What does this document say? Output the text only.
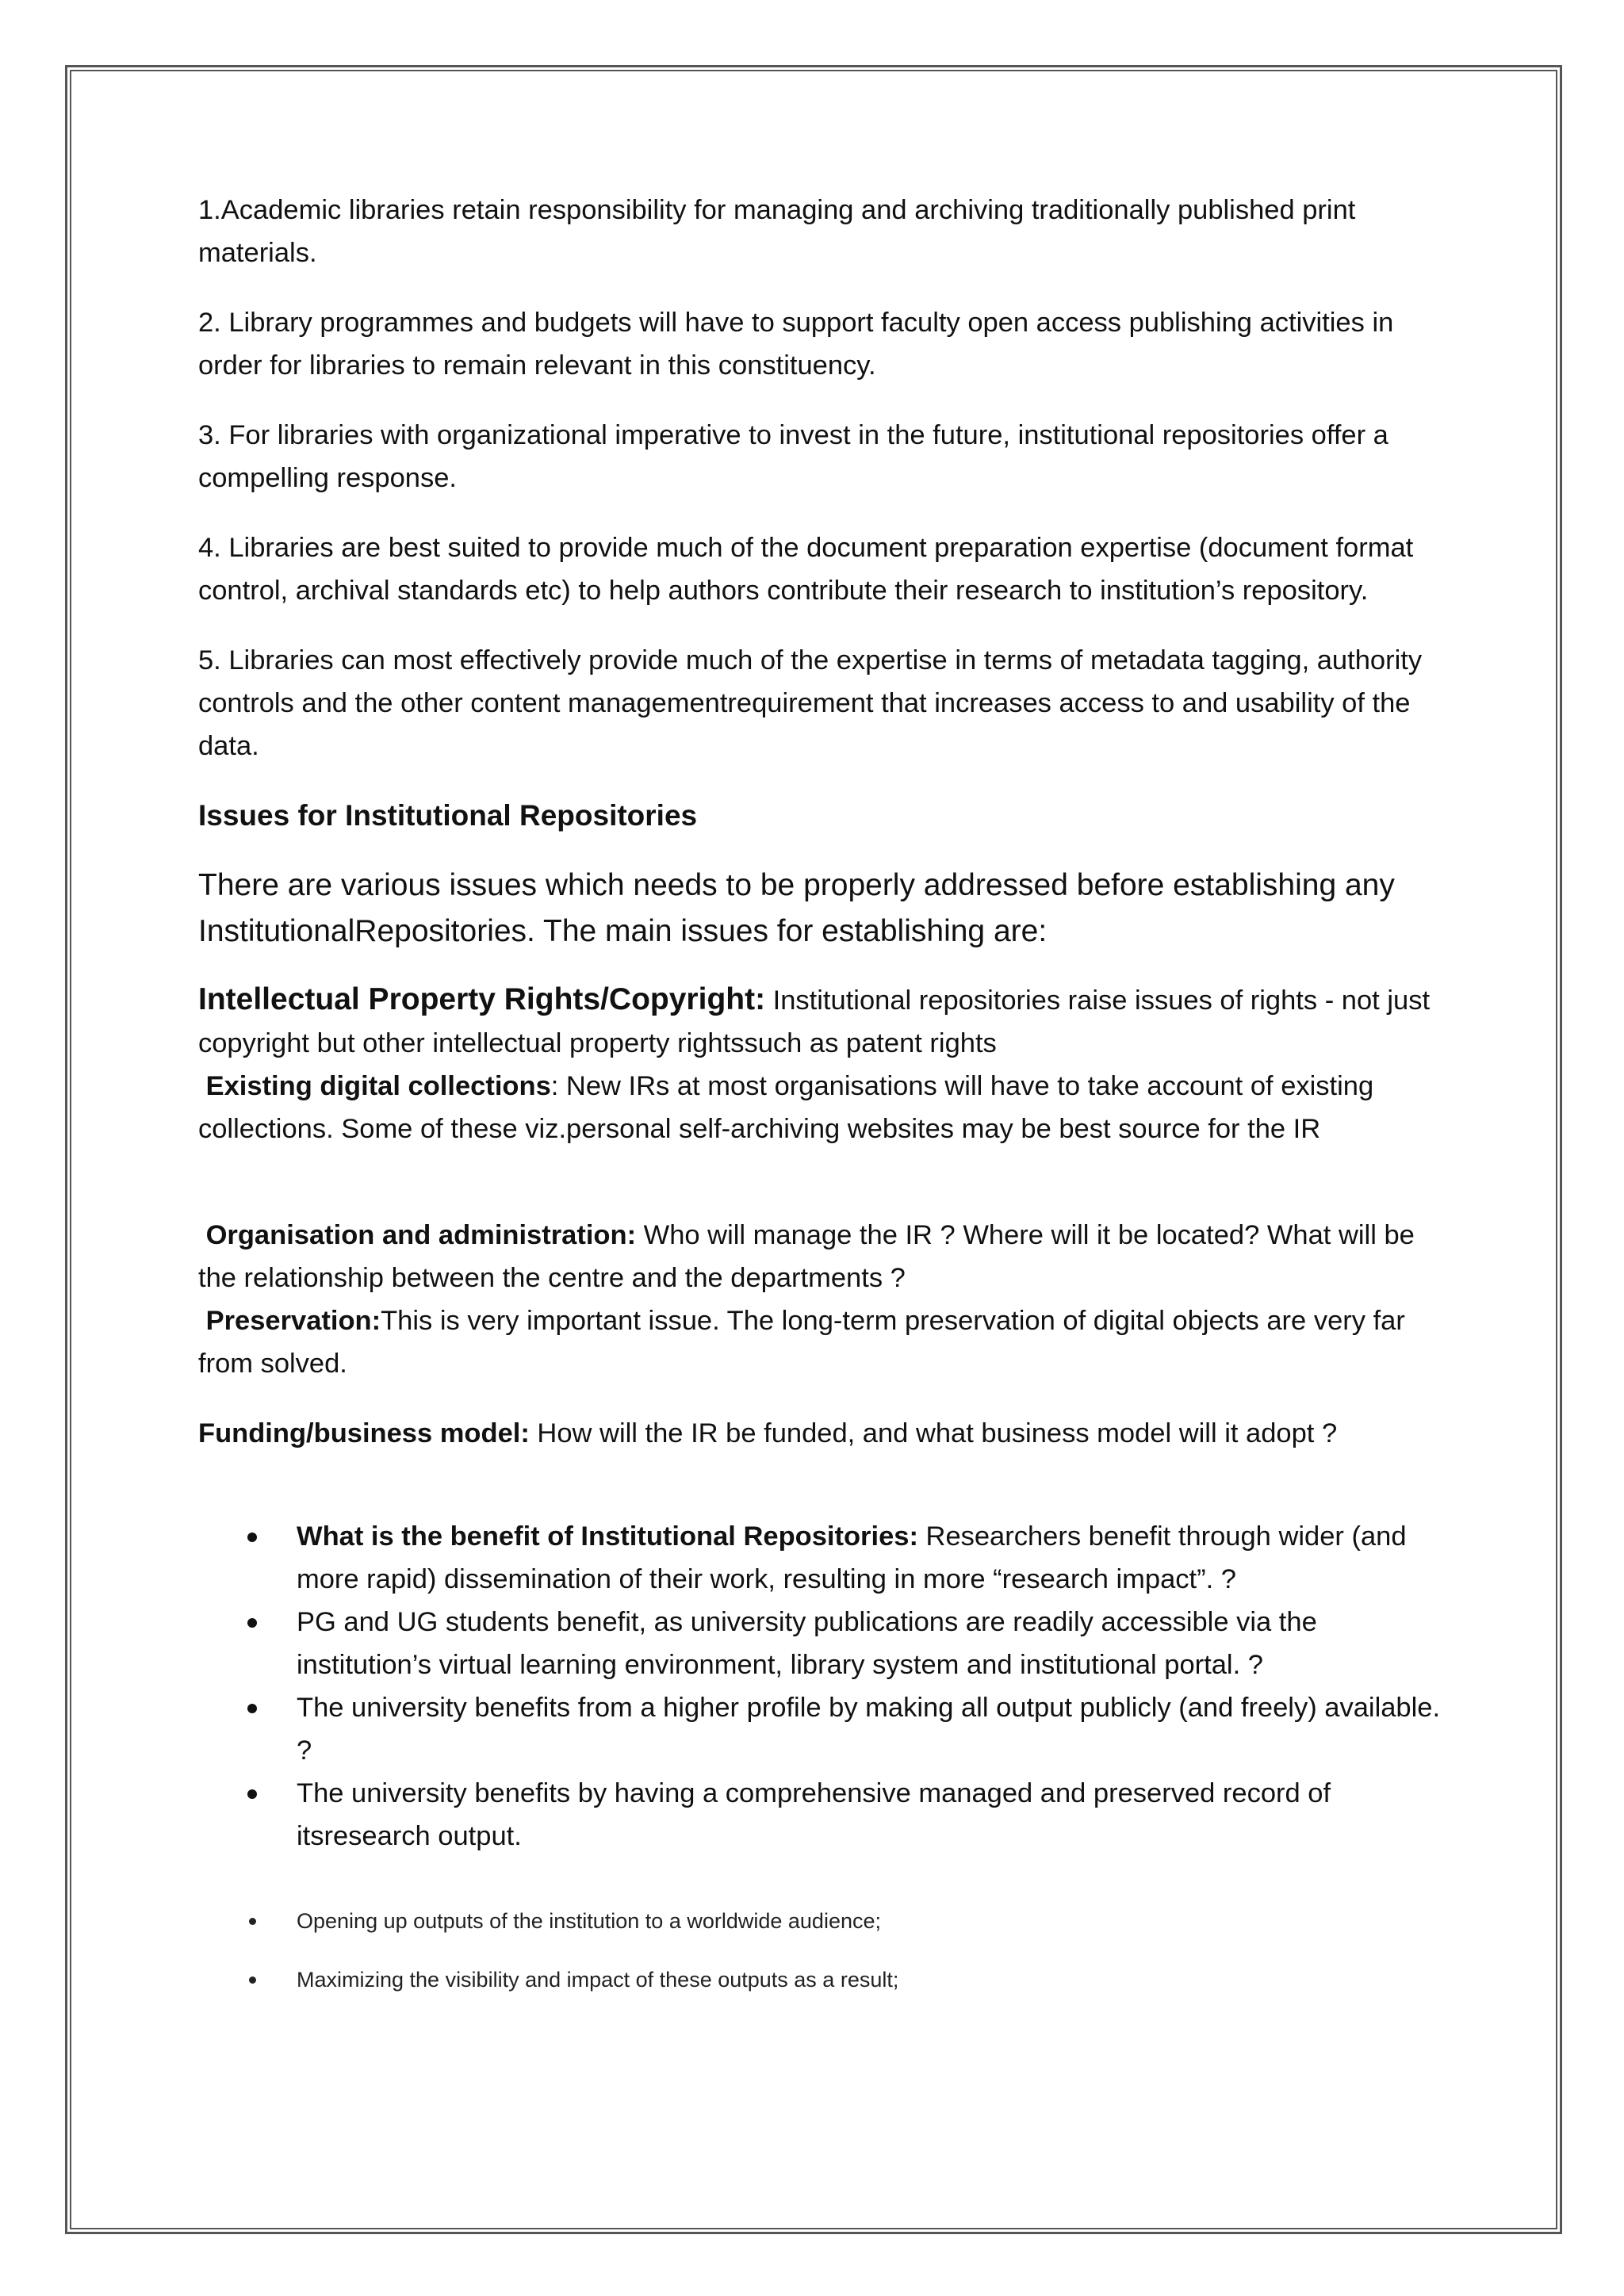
1.Academic libraries retain responsibility for managing and archiving traditionally published print materials.

2. Library programmes and budgets will have to support faculty open access publishing activities in order for libraries to remain relevant in this constituency.

3. For libraries with organizational imperative to invest in the future, institutional repositories offer a compelling response.

4. Libraries are best suited to provide much of the document preparation expertise (document format control, archival standards etc) to help authors contribute their research to institution’s repository.

5. Libraries can most effectively provide much of the expertise in terms of metadata tagging, authority controls and the other content managementrequirement that increases access to and usability of the data.

Issues for Institutional Repositories

There are various issues which needs to be properly addressed before establishing any InstitutionalRepositories. The main issues for establishing are:

Intellectual Property Rights/Copyright: Institutional repositories raise issues of rights - not just copyright but other intellectual property rightssuch as patent rights

Existing digital collections: New IRs at most organisations will have to take account of existing collections. Some of these viz.personal self-archiving websites may be best source for the IR

Organisation and administration: Who will manage the IR ? Where will it be located? What will be the relationship between the centre and the departments ?

Preservation:This is very important issue. The long-term preservation of digital objects are very far from solved.

Funding/business model: How will the IR be funded, and what business model will it adopt ?

What is the benefit of Institutional Repositories: Researchers benefit through wider (and more rapid) dissemination of their work, resulting in more “research impact”. ?
PG and UG students benefit, as university publications are readily accessible via the institution’s virtual learning environment, library system and institutional portal. ?
The university benefits from a higher profile by making all output publicly (and freely) available. ?
The university benefits by having a comprehensive managed and preserved record of itsresearch output.
Opening up outputs of the institution to a worldwide audience;
Maximizing the visibility and impact of these outputs as a result;
